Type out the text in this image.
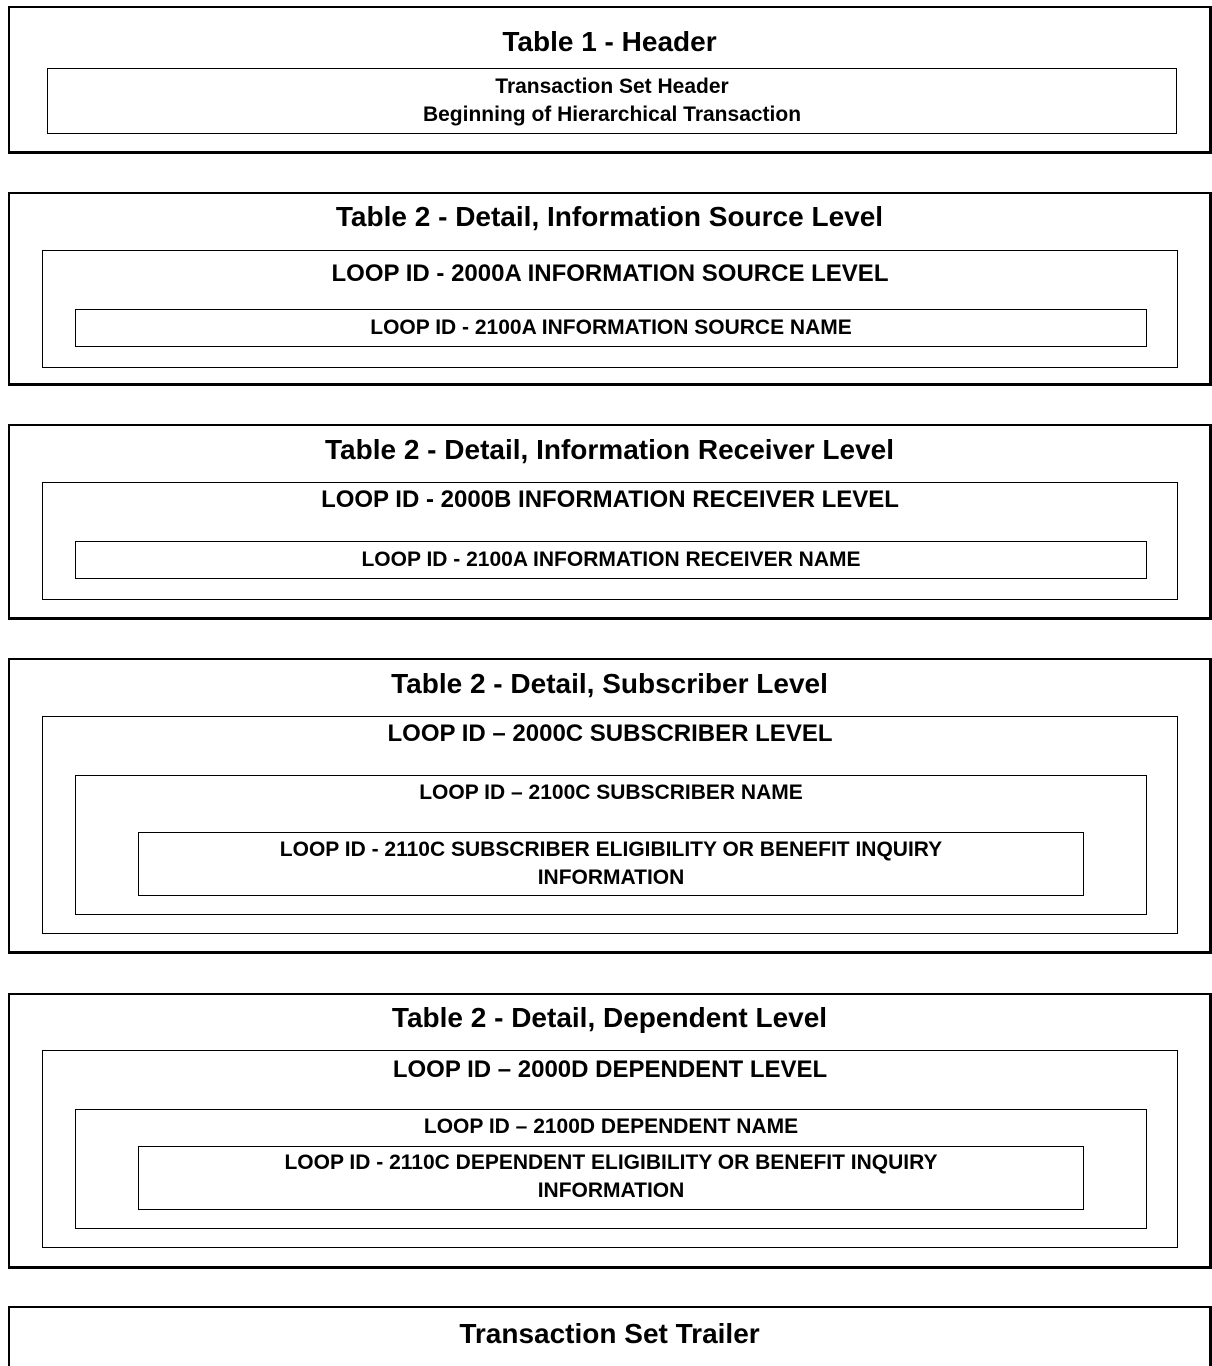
Table 1 - Header
Transaction Set Header
Beginning of Hierarchical Transaction
Table 2 - Detail, Information Source Level
LOOP ID - 2000A INFORMATION SOURCE LEVEL
LOOP ID - 2100A INFORMATION SOURCE NAME
Table 2 - Detail, Information Receiver Level
LOOP ID - 2000B INFORMATION RECEIVER LEVEL
LOOP ID - 2100A INFORMATION RECEIVER NAME
Table 2 - Detail, Subscriber Level
LOOP ID – 2000C SUBSCRIBER LEVEL
LOOP ID – 2100C SUBSCRIBER NAME
LOOP ID - 2110C SUBSCRIBER ELIGIBILITY OR BENEFIT INQUIRY
INFORMATION
Table 2 - Detail, Dependent Level
LOOP ID – 2000D DEPENDENT LEVEL
LOOP ID – 2100D DEPENDENT NAME
LOOP ID - 2110C DEPENDENT ELIGIBILITY OR BENEFIT INQUIRY
INFORMATION
Transaction Set Trailer
